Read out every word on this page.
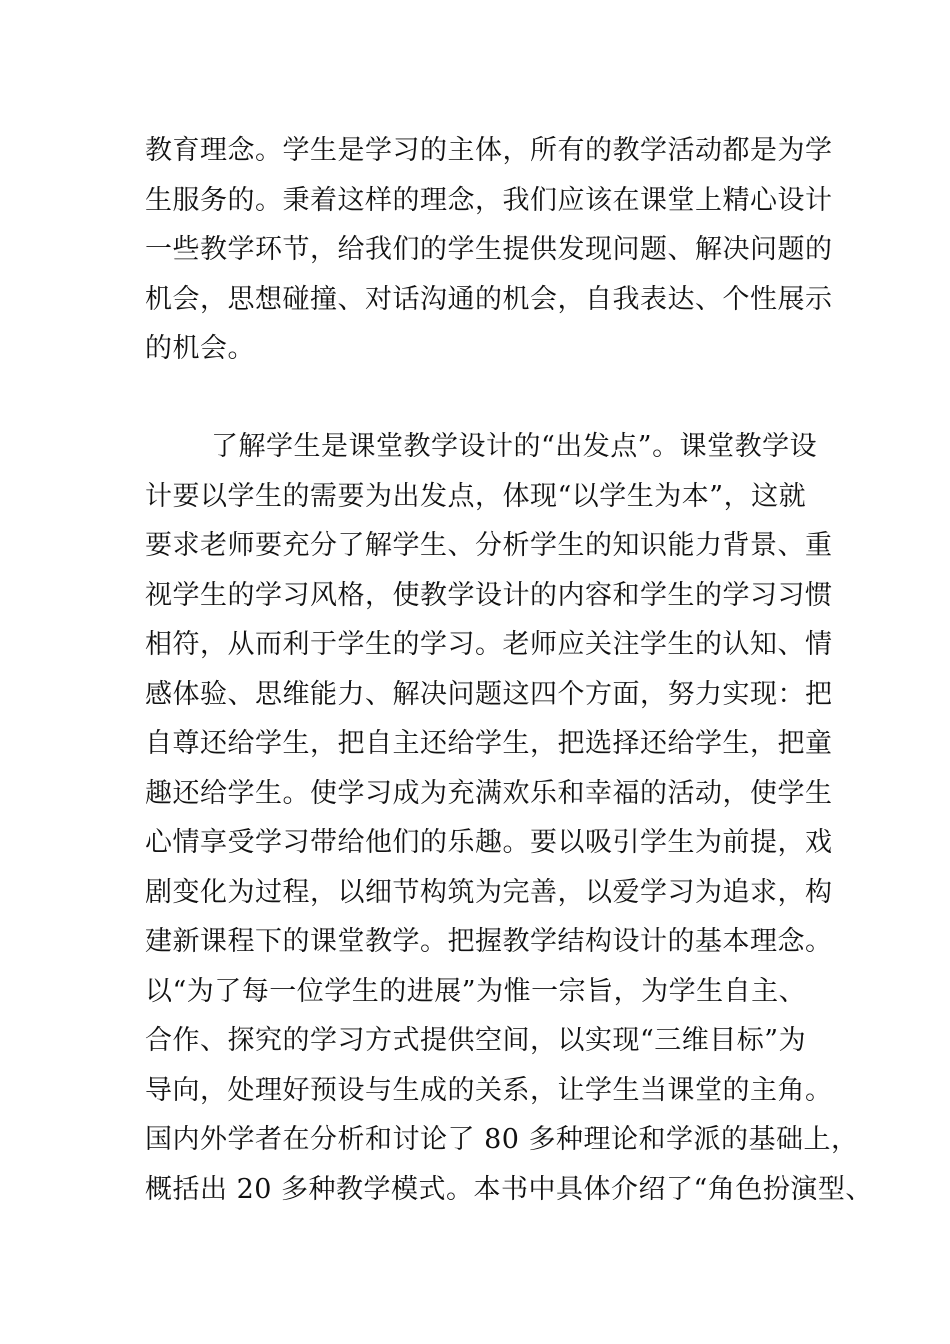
教育理念。学生是学习的主体，所有的教学活动都是为学
生服务的。秉着这样的理念，我们应该在课堂上精心设计
一些教学环节，给我们的学生提供发现问题、解决问题的
机会，思想碰撞、对话沟通的机会，自我表达、个性展示
的机会。
了解学生是课堂教学设计的“出发点”。课堂教学设
计要以学生的需要为出发点，体现“以学生为本”，这就
要求老师要充分了解学生、分析学生的知识能力背景、重
视学生的学习风格，使教学设计的内容和学生的学习习惯
相符，从而利于学生的学习。老师应关注学生的认知、情
感体验、思维能力、解决问题这四个方面，努力实现：把
自尊还给学生，把自主还给学生，把选择还给学生，把童
趣还给学生。使学习成为充满欢乐和幸福的活动，使学生
心情享受学习带给他们的乐趣。要以吸引学生为前提，戏
剧变化为过程，以细节构筑为完善，以爱学习为追求，构
建新课程下的课堂教学。把握教学结构设计的基本理念。
以“为了每一位学生的进展”为惟一宗旨，为学生自主、
合作、探究的学习方式提供空间，以实现“三维目标”为
导向，处理好预设与生成的关系，让学生当课堂的主角。
国内外学者在分析和讨论了 80 多种理论和学派的基础上，
概括出 20 多种教学模式。本书中具体介绍了“角色扮演型、
